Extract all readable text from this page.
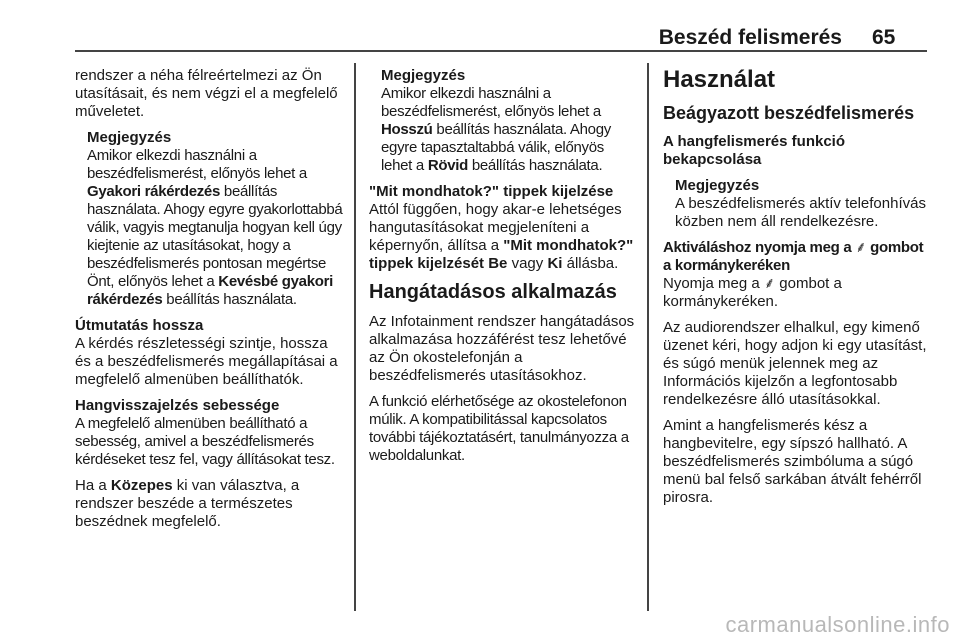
Beszéd felismerés 65

rendszer a néha félreértelmezi az Ön utasításait, és nem végzi el a megfelelő műveletet.

Megjegyzés
Amikor elkezdi használni a beszédfelismerést, előnyös lehet a Gyakori rákérdezés beállítás használata. Ahogy egyre gyakorlottabbá válik, vagyis megtanulja hogyan kell úgy kiejtenie az utasításokat, hogy a beszédfelismerés pontosan megértse Önt, előnyös lehet a Kevésbé gyakori rákérdezés beállítás használata.
Útmutatás hossza
A kérdés részletességi szintje, hossza és a beszédfelismerés megállapításai a megfelelő almenüben beállíthatók.
Hangvisszajelzés sebessége
A megfelelő almenüben beállítható a sebesség, amivel a beszédfelismerés kérdéseket tesz fel, vagy állításokat tesz.

Ha a Közepes ki van választva, a rendszer beszéde a természetes beszédnek megfelelő.

Megjegyzés
Amikor elkezdi használni a beszédfelismerést, előnyös lehet a Hosszú beállítás használata. Ahogy egyre tapasztaltabbá válik, előnyös lehet a Rövid beállítás használata.
"Mit mondhatok?" tippek kijelzése
Attól függően, hogy akar-e lehetséges hangutasításokat megjeleníteni a képernyőn, állítsa a "Mit mondhatok?" tippek kijelzését Be vagy Ki állásba.
Hangátadásos alkalmazás

Az Infotainment rendszer hangátadásos alkalmazása hozzáférést tesz lehetővé az Ön okostelefonján a beszédfelismerés utasításokhoz.

A funkció elérhetősége az okostelefonon múlik. A kompatibilitással kapcsolatos további tájékoztatásért, tanulmányozza a weboldalunkat.

Használat
Beágyazott beszédfelismerés
A hangfelismerés funkció bekapcsolása
Megjegyzés
A beszédfelismerés aktív telefonhívás közben nem áll rendelkezésre.
Aktiváláshoz nyomja meg a ⸙ gombot a kormánykeréken
Nyomja meg a ⸙ gombot a kormánykeréken.

Az audiorendszer elhalkul, egy kimenő üzenet kéri, hogy adjon ki egy utasítást, és súgó menük jelennek meg az Információs kijelzőn a legfontosabb rendelkezésre álló utasításokkal.

Amint a hangfelismerés kész a hangbevitelre, egy sípszó hallható. A beszédfelismerés szimbóluma a súgó menü bal felső sarkában átvált fehérről pirosra.

carmanualsonline.info
